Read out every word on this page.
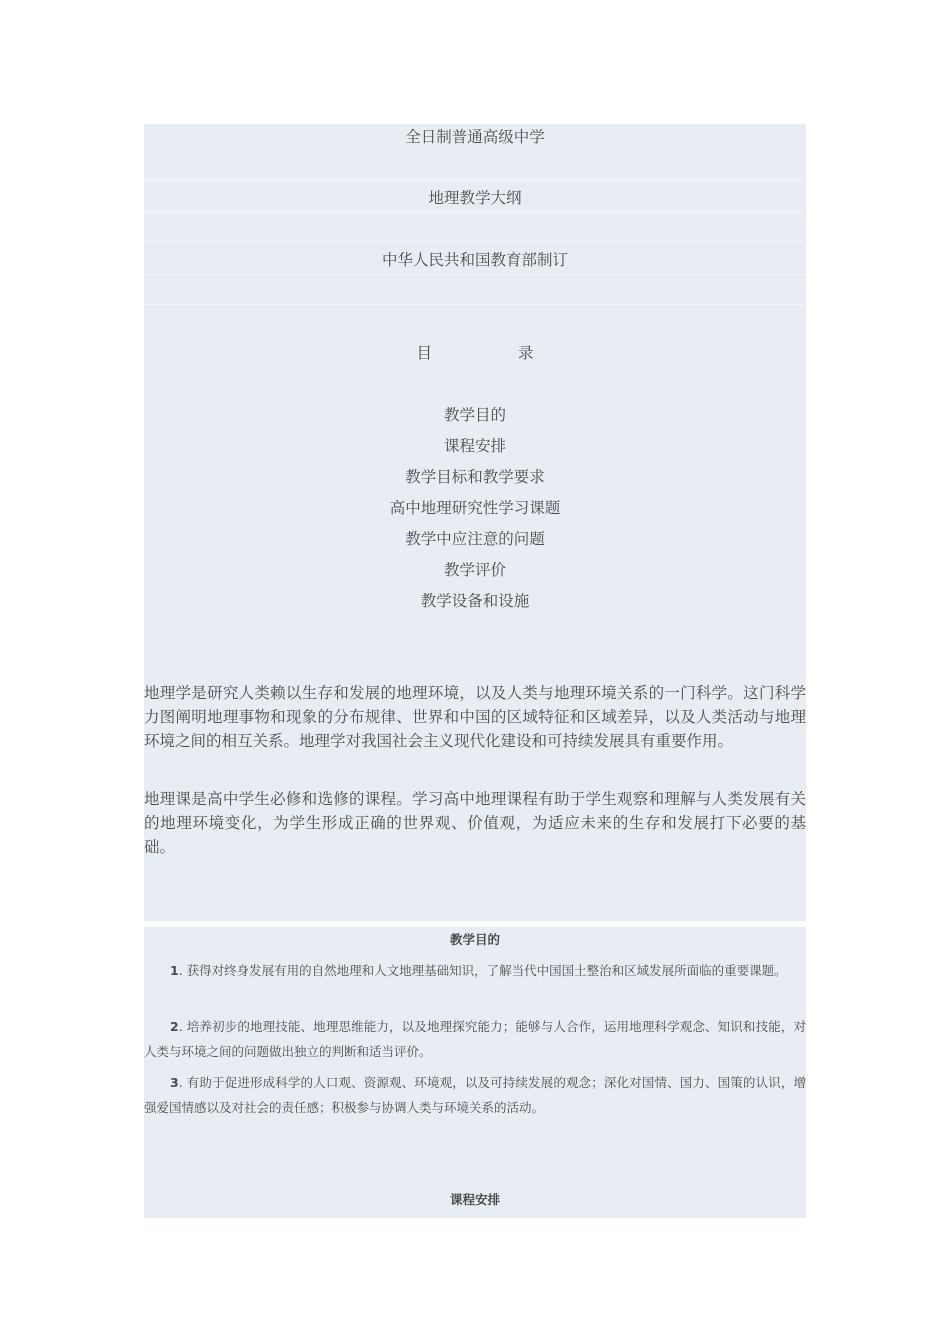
全日制普通高级中学
地理教学大纲
中华人民共和国教育部制订
目	录
教学目的
课程安排
教学目标和教学要求
高中地理研究性学习课题
教学中应注意的问题
教学评价
教学设备和设施

地理学是研究人类赖以生存和发展的地理环境，以及人类与地理环境关系的一门科学。这门科学力图阐明地理事物和现象的分布规律、世界和中国的区域特征和区域差异，以及人类活动与地理环境之间的相互关系。地理学对我国社会主义现代化建设和可持续发展具有重要作用。

地理课是高中学生必修和选修的课程。学习高中地理课程有助于学生观察和理解与人类发展有关的地理环境变化，为学生形成正确的世界观、价值观，为适应未来的生存和发展打下必要的基础。

教学目的

1. 获得对终身发展有用的自然地理和人文地理基础知识，了解当代中国国土整治和区域发展所面临的重要课题。

2. 培养初步的地理技能、地理思维能力，以及地理探究能力；能够与人合作，运用地理科学观念、知识和技能，对人类与环境之间的问题做出独立的判断和适当评价。

3. 有助于促进形成科学的人口观、资源观、环境观，以及可持续发展的观念；深化对国情、国力、国策的认识，增强爱国情感以及对社会的责任感；积极参与协调人类与环境关系的活动。

课程安排
